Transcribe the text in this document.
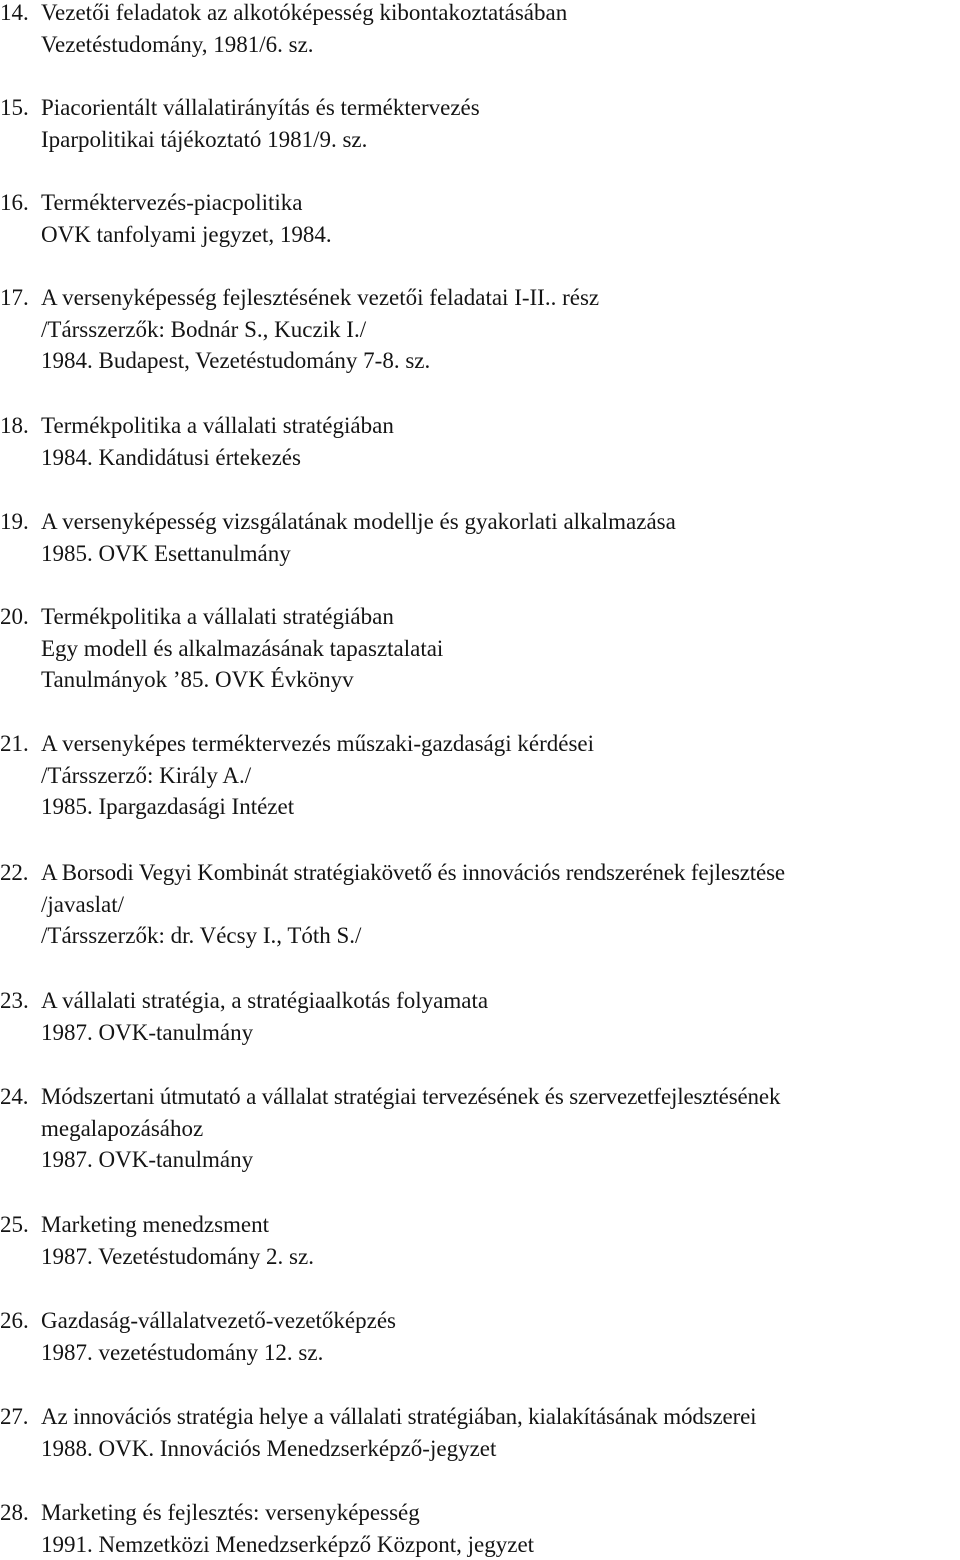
14. Vezetői feladatok az alkotóképesség kibontakoztatásában
Vezetéstudomány, 1981/6. sz.
15. Piacorientált vállalatirányítás és terméktervezés
Iparpolitikai tájékoztató 1981/9. sz.
16. Terméktervezés-piacpolitika
OVK tanfolyami jegyzet, 1984.
17. A versenyképesség fejlesztésének vezetői feladatai I-II.. rész
/Társszerzők: Bodnár S., Kuczik I./
1984. Budapest, Vezetéstudomány 7-8. sz.
18. Termékpolitika a vállalati stratégiában
1984. Kandidátusi értekezés
19. A versenyképesség vizsgálatának modellje és gyakorlati alkalmazása
1985. OVK Esettanulmány
20. Termékpolitika a vállalati stratégiában
Egy modell és alkalmazásának tapasztalatai
Tanulmányok ’85. OVK Évkönyv
21. A versenyképes terméktervezés műszaki-gazdasági kérdései
/Társszerző: Király A./
1985. Ipargazdasági Intézet
22. A Borsodi Vegyi Kombinát stratégiakövető és innovációs rendszerének fejlesztése
/javaslat/
/Társszerzők: dr. Vécsy I., Tóth S./
23. A vállalati stratégia, a stratégiaalkotás folyamata
1987. OVK-tanulmány
24. Módszertani útmutató a vállalat stratégiai tervezésének és szervezetfejlesztésének
megalapozásához
1987. OVK-tanulmány
25. Marketing menedzsment
1987. Vezetéstudomány 2. sz.
26. Gazdaság-vállalatvezető-vezetőképzés
1987. vezetéstudomány 12. sz.
27. Az innovációs stratégia helye a vállalati stratégiában, kialakításának módszerei
1988. OVK. Innovációs Menedzserképző-jegyzet
28. Marketing és fejlesztés: versenyképesség
1991. Nemzetközi Menedzserképző Központ, jegyzet
